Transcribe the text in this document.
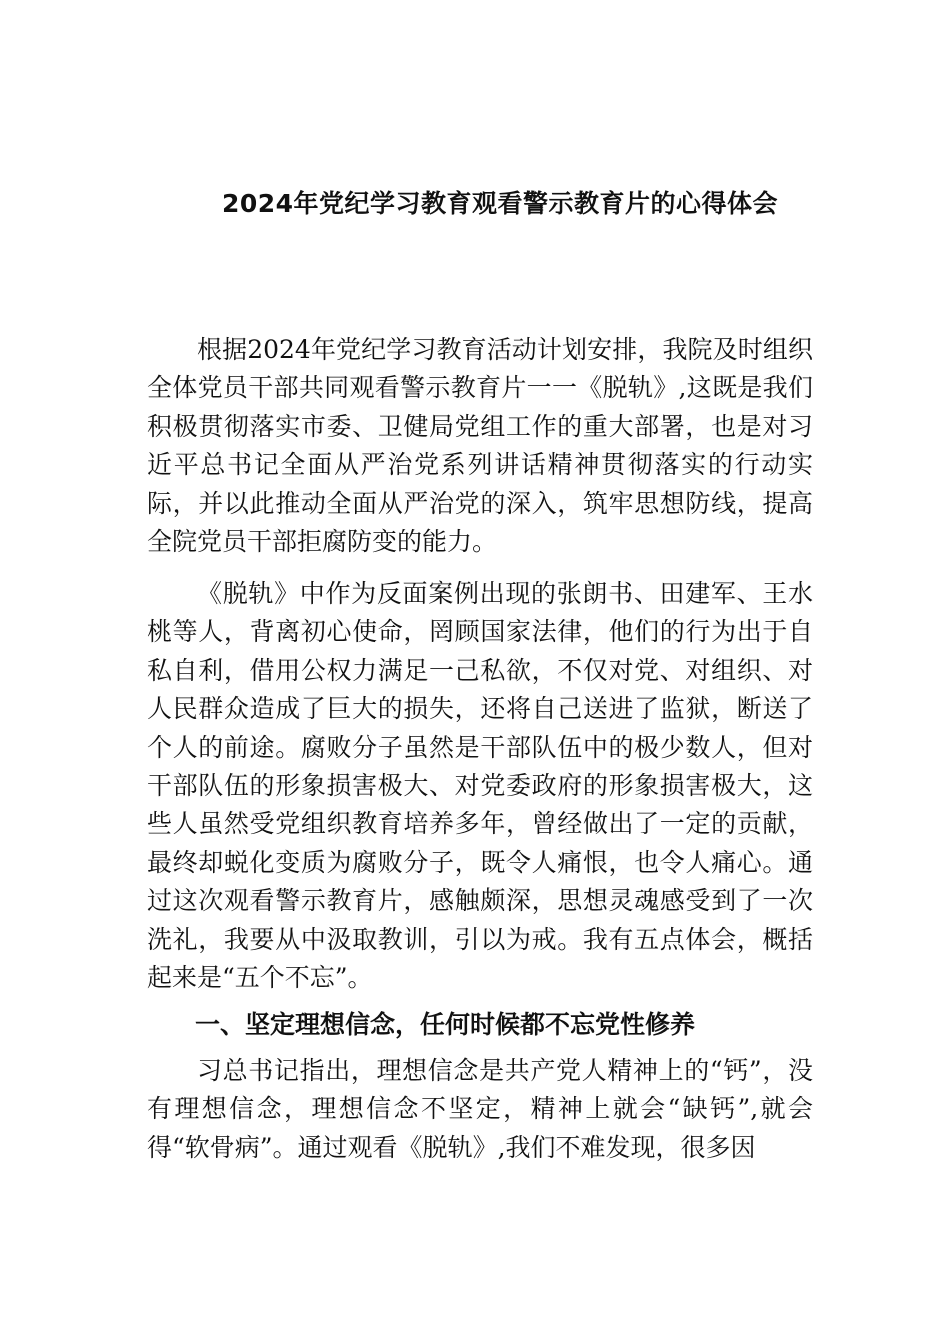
2024年党纪学习教育观看警示教育片的心得体会

根据2024年党纪学习教育活动计划安排，我院及时组织全体党员干部共同观看警示教育片一一《脱轨》,这既是我们积极贯彻落实市委、卫健局党组工作的重大部署，也是对习近平总书记全面从严治党系列讲话精神贯彻落实的行动实际，并以此推动全面从严治党的深入，筑牢思想防线，提高全院党员干部拒腐防变的能力。

《脱轨》中作为反面案例出现的张朗书、田建军、王水桃等人，背离初心使命，罔顾国家法律，他们的行为出于自私自利，借用公权力满足一己私欲，不仅对党、对组织、对人民群众造成了巨大的损失，还将自己送进了监狱，断送了个人的前途。腐败分子虽然是干部队伍中的极少数人，但对干部队伍的形象损害极大、对党委政府的形象损害极大，这些人虽然受党组织教育培养多年，曾经做出了一定的贡献，最终却蜕化变质为腐败分子，既令人痛恨，也令人痛心。通过这次观看警示教育片，感触颇深，思想灵魂感受到了一次洗礼，我要从中汲取教训，引以为戒。我有五点体会，概括起来是“五个不忘”。

一、坚定理想信念，任何时候都不忘党性修养

习总书记指出，理想信念是共产党人精神上的“钙”，没有理想信念，理想信念不坚定，精神上就会“缺钙”,就会得“软骨病”。通过观看《脱轨》,我们不难发现，很多因
